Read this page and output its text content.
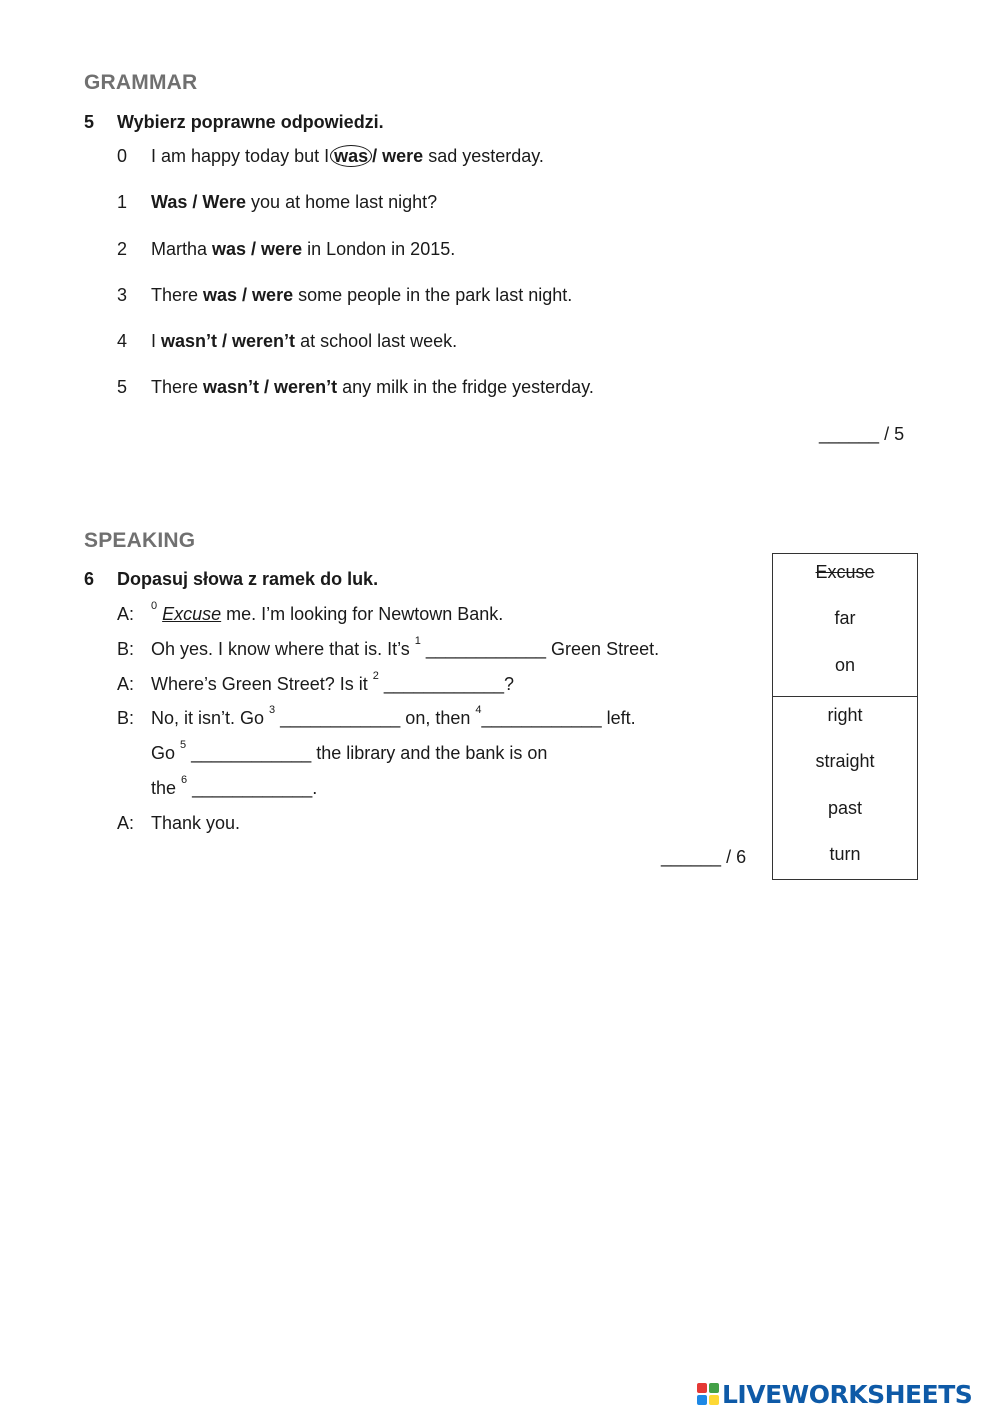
GRAMMAR
5 Wybierz poprawne odpowiedzi.
0 I am happy today but I was / were sad yesterday.
1 Was / Were you at home last night?
2 Martha was / were in London in 2015.
3 There was / were some people in the park last night.
4 I wasn’t / weren’t at school last week.
5 There wasn’t / weren’t any milk in the fridge yesterday.
______ / 5
SPEAKING
6 Dopasuj słowa z ramek do luk.
A: $^0$ Excuse me. I’m looking for Newtown Bank.
B: Oh yes. I know where that is. It’s $^1$ ____________ Green Street.
A: Where’s Green Street? Is it $^2$ ____________?
B: No, it isn’t. Go $^3$ ____________ on, then $^4$____________ left.
Go $^5$ ____________ the library and the bank is on
the $^6$ ____________.
A: Thank you.
______ / 6
Excuse
far
on
right
straight
past
turn
LIVEWORKSHEETS
